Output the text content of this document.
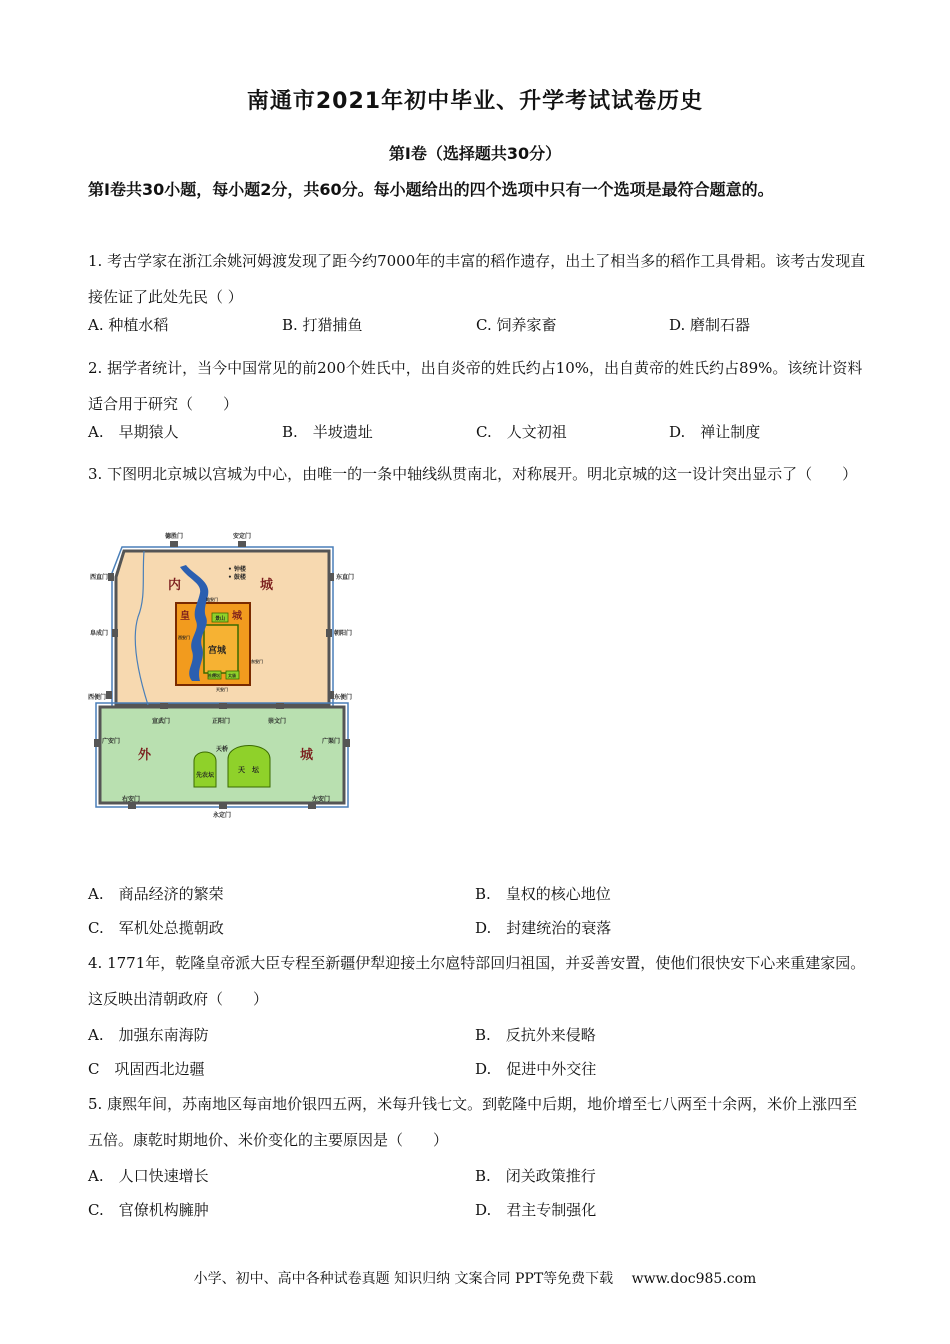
南通市2021年初中毕业、升学考试试卷历史
第Ⅰ卷（选择题共30分）
第Ⅰ卷共30小题，每小题2分，共60分。每小题给出的四个选项中只有一个选项是最符合题意的。
1. 考古学家在浙江余姚河姆渡发现了距今约7000年的丰富的稻作遗存，出土了相当多的稻作工具骨耜。该考古发现直接佐证了此处先民（ ）
A. 种植水稻	B. 打猎捕鱼	C. 饲养家畜	D. 磨制石器
2. 据学者统计，当今中国常见的前200个姓氏中，出自炎帝的姓氏约占10%，出自黄帝的姓氏约占89%。该统计资料适合用于研究（　　）
A.　早期猿人	B.　半坡遗址	C.　人文初祖	D.　禅让制度
3. 下图明北京城以宫城为中心，由唯一的一条中轴线纵贯南北，对称展开。明北京城的这一设计突出显示了（　　）
内	城
外	城
皇	城
宫城
• 钟楼
• 鼓楼
天　坛
先农坛
天桥
景山
社稷坛 太庙
德胜门	安定门
西直门	东直门
阜成门	朝阳门
西便门	东便门
宣武门	正阳门	崇文门
广安门	广渠门
右安门	左安门
永定门
西安门
东安门
地安门
天安门
A.　商品经济的繁荣	B.　皇权的核心地位
C.　军机处总揽朝政	D.　封建统治的衰落
4. 1771年，乾隆皇帝派大臣专程至新疆伊犁迎接土尔扈特部回归祖国，并妥善安置，使他们很快安下心来重建家园。这反映出清朝政府（　　）
A.　加强东南海防	B.　反抗外来侵略
C　巩固西北边疆	D.　促进中外交往
5. 康熙年间，苏南地区每亩地价银四五两，米每升钱七文。到乾隆中后期，地价增至七八两至十余两，米价上涨四至五倍。康乾时期地价、米价变化的主要原因是（　　）
A.　人口快速增长	B.　闭关政策推行
C.　官僚机构臃肿	D.　君主专制强化
小学、初中、高中各种试卷真题 知识归纳 文案合同 PPT等免费下载　 www.doc985.com
